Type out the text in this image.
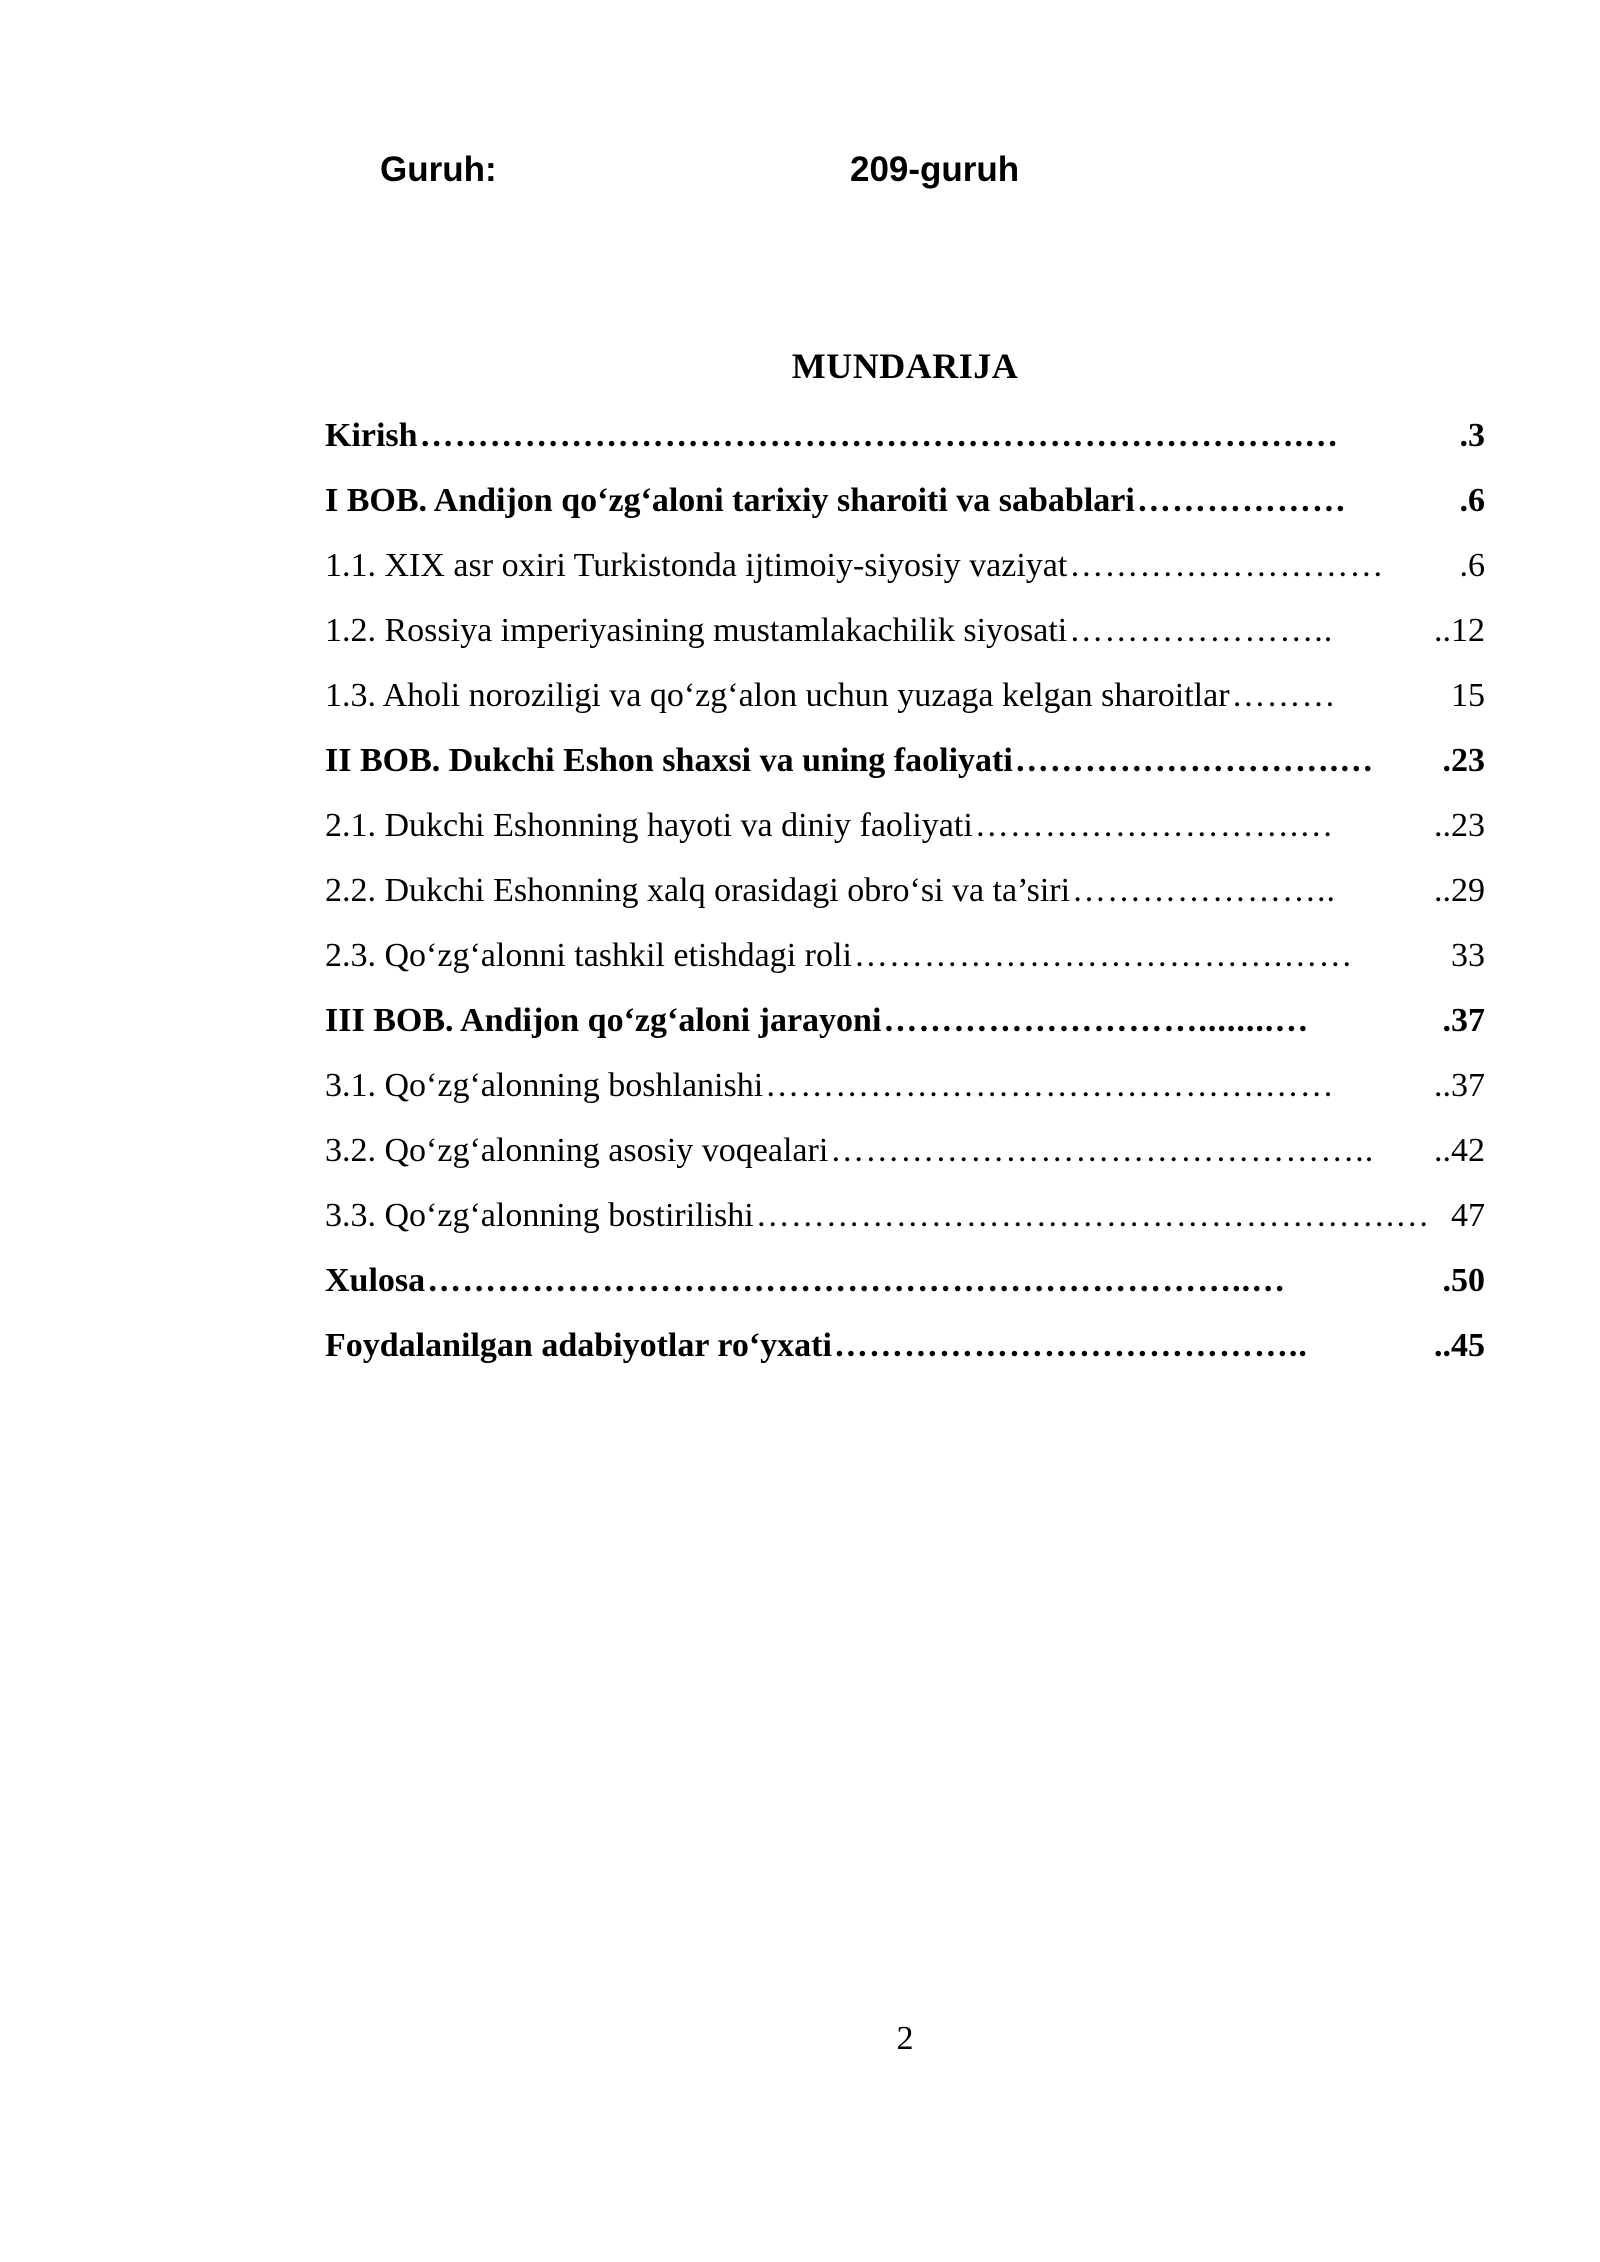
Guruh:	209-guruh
MUNDARIJA
Kirish ………………………………………………………………….…	.3
I BOB. Andijon qo‘zg‘aloni tarixiy sharoiti va sabablari ………………	.6
1.1. XIX asr oxiri Turkistonda ijtimoiy-siyosiy vaziyat ………………………	.6
1.2. Rossiya imperiyasining mustamlakachilik siyosati …………………..	..12
1.3. Aholi noroziligi va qo‘zg‘alon uchun yuzaga kelgan sharoitlar ………	15
II BOB. Dukchi Eshon shaxsi va uning faoliyati ……………………….…	.23
2.1. Dukchi Eshonning hayoti va diniy faoliyati ……………………….…	..23
2.2. Dukchi Eshonning xalq orasidagi obro‘si va ta’siri …………………..	..29
2.3. Qo‘zg‘alonni tashkil etishdagi roli ……………………………….……	33
III BOB. Andijon qo‘zg‘aloni jarayoni ………………………........…	.37
3.1. Qo‘zg‘alonning boshlanishi …………………………………….……	..37
3.2. Qo‘zg‘alonning asosiy voqealari ………………………………………..	..42
3.3. Qo‘zg‘alonning bostirilishi ……………………………………………….… 47
Xulosa ……………………………………………………………..…	.50
Foydalanilgan adabiyotlar ro‘yxati …………………………………..	..45
2
